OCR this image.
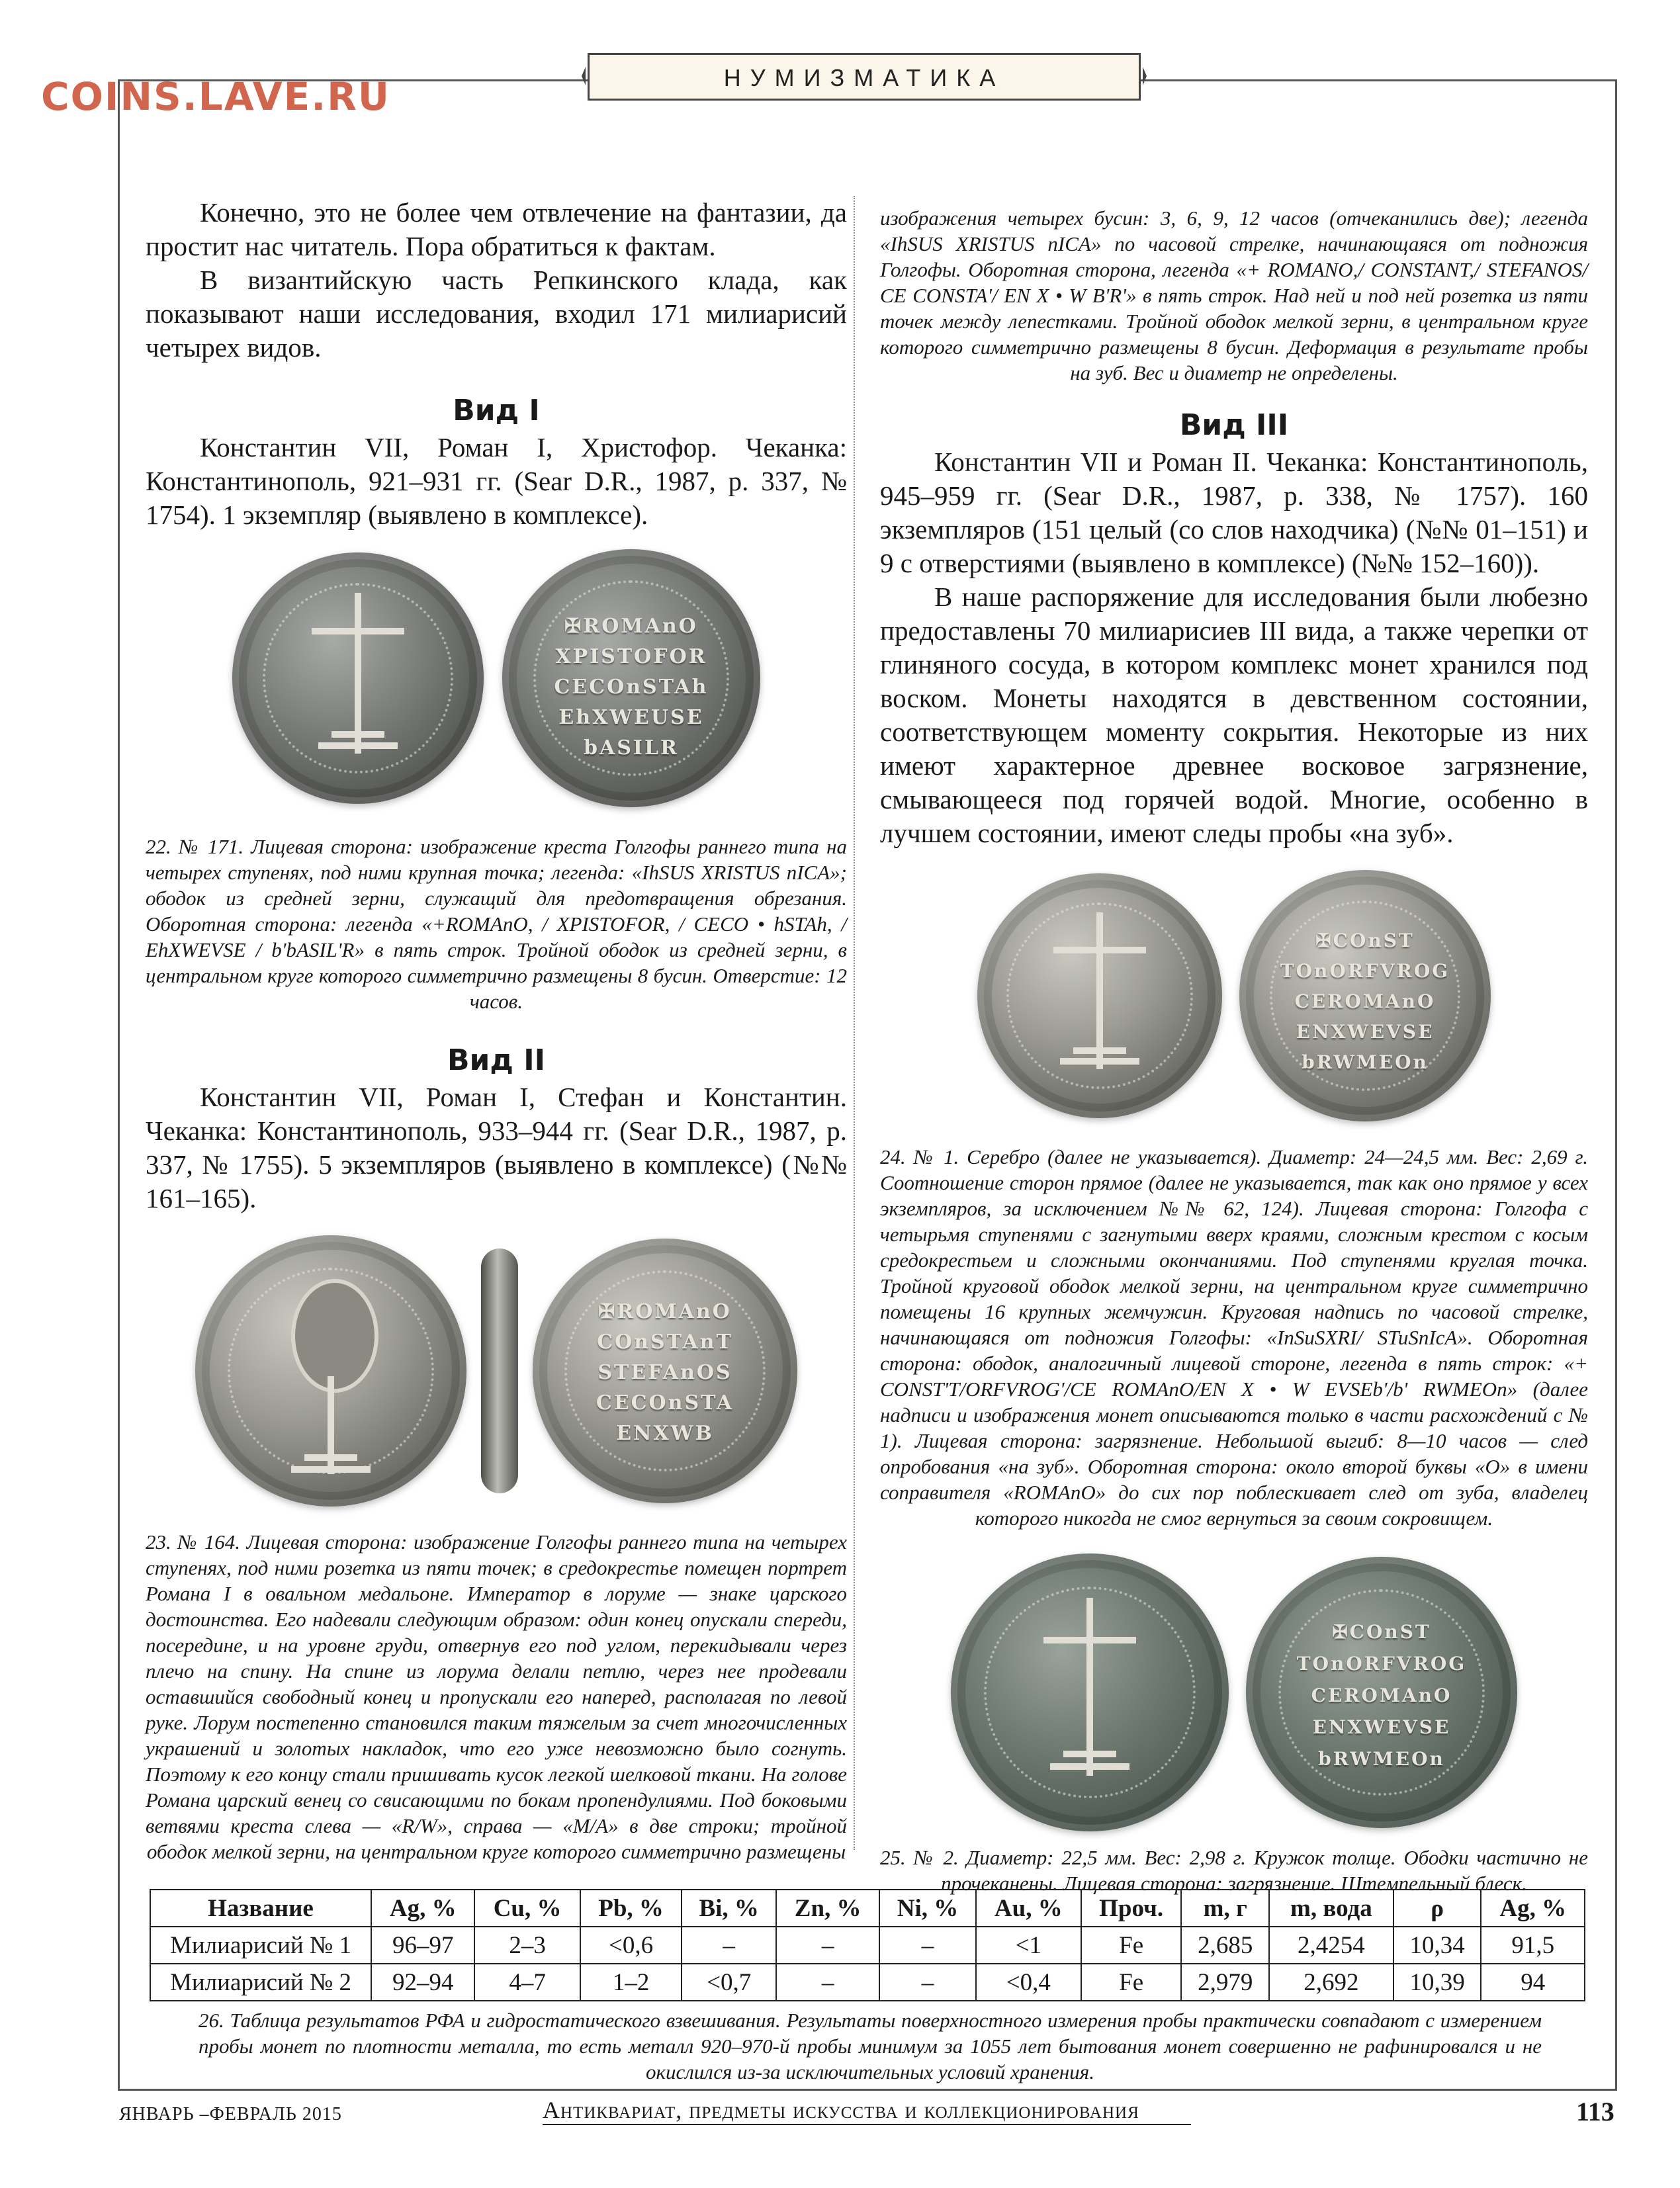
COINS.LAVE.RU	НУМИЗМАТИКА

Конечно, это не более чем отвлечение на фантазии, да простит нас читатель. Пора обратиться к фактам.

В византийскую часть Репкинского клада, как показывают наши исследования, входил 171 милиарисий четырех видов.

Вид I

Константин VII, Роман I, Христофор. Чеканка: Константинополь, 921–931 гг. (Sear D.R., 1987, p. 337, № 1754). 1 экземпляр (выявлено в комплексе).

✠ROMAnO XPISTOFOR CECOnSTAh EhXWEUSE bASILR

22. № 171. Лицевая сторона: изображение креста Голгофы раннего типа на четырех ступенях, под ними крупная точка; легенда: «IhSUS XRISTUS nICA»; ободок из средней зерни, служащий для предотвращения обрезания. Оборотная сторона: легенда «+ROMAnO, / XPISTOFOR, / CECO • hSTAh, / EhXWEVSE / b'bASIL'R» в пять строк. Тройной ободок из средней зерни, в центральном круге которого симметрично размещены 8 бусин. Отверстие: 12 часов.

Вид II

Константин VII, Роман I, Стефан и Константин. Чеканка: Константинополь, 933–944 гг. (Sear D.R., 1987, p. 337, № 1755). 5 экземпляров (выявлено в комплексе) (№№ 161–165).

✠ROMAnO COnSTAnT STEFAnOS CECOnSTA ENXWB

23. № 164. Лицевая сторона: изображение Голгофы раннего типа на четырех ступенях, под ними розетка из пяти точек; в средокрестье помещен портрет Романа I в овальном медальоне. Император в лоруме — знаке царского достоинства. Его надевали следующим образом: один конец опускали спереди, посередине, и на уровне груди, отвернув его под углом, перекидывали через плечо на спину. На спине из лорума делали петлю, через нее продевали оставшийся свободный конец и пропускали его наперед, располагая по левой руке. Лорум постепенно становился таким тяжелым за счет многочисленных украшений и золотых накладок, что его уже невозможно было согнуть. Поэтому к его концу стали пришивать кусок легкой шелковой ткани. На голове Романа царский венец со свисающими по бокам пропендулиями. Под боковыми ветвями креста слева — «R/W», справа — «M/A» в две строки; тройной ободок мелкой зерни, на центральном круге которого симметрично размещены

изображения четырех бусин: 3, 6, 9, 12 часов (отчеканились две); легенда «IhSUS XRISTUS nICA» по часовой стрелке, начинающаяся от подножия Голгофы. Оборотная сторона, легенда «+ ROMANO,/ CONSTANT,/ STEFANOS/ CE CONSTA'/ EN X • W B'R'» в пять строк. Над ней и под ней розетка из пяти точек между лепестками. Тройной ободок мелкой зерни, в центральном круге которого симметрично размещены 8 бусин. Деформация в результате пробы на зуб. Вес и диаметр не определены.

Вид III

Константин VII и Роман II. Чеканка: Константинополь, 945–959 гг. (Sear D.R., 1987, p. 338, № 1757). 160 экземпляров (151 целый (со слов находчика) (№№ 01–151) и 9 с отверстиями (выявлено в комплексе) (№№ 152–160)).

В наше распоряжение для исследования были любезно предоставлены 70 милиарисиев III вида, а также черепки от глиняного сосуда, в котором комплекс монет хранился под воском. Монеты находятся в девственном состоянии, соответствующем моменту сокрытия. Некоторые из них имеют характерное древнее восковое загрязнение, смывающееся под горячей водой. Многие, особенно в лучшем состоянии, имеют следы пробы «на зуб».

✠COnST TOnORFVROG CEROMAnO ENXWEVSE bRWMEOn

24. № 1. Серебро (далее не указывается). Диаметр: 24—24,5 мм. Вес: 2,69 г. Соотношение сторон прямое (далее не указывается, так как оно прямое у всех экземпляров, за исключением №№ 62, 124). Лицевая сторона: Голгофа с четырьмя ступенями с загнутыми вверх краями, сложным крестом с косым средокрестьем и сложными окончаниями. Под ступенями круглая точка. Тройной круговой ободок мелкой зерни, на центральном круге симметрично помещены 16 крупных жемчужин. Круговая надпись по часовой стрелке, начинающаяся от подножия Голгофы: «InSuSXRI/ STuSnIcA». Оборотная сторона: ободок, аналогичный лицевой стороне, легенда в пять строк: «+ CONST'T/ORFVROG'/CE ROMAnO/EN X • W EVSEb'/b' RWMEOn» (далее надписи и изображения монет описываются только в части расхождений с № 1). Лицевая сторона: загрязнение. Небольшой выгиб: 8—10 часов — след опробования «на зуб». Оборотная сторона: около второй буквы «O» в имени соправителя «ROMAnO» до сих пор поблескивает след от зуба, владелец которого никогда не смог вернуться за своим сокровищем.

✠COnST TOnORFVROG CEROMAnO ENXWEVSE bRWMEOn

25. № 2. Диаметр: 22,5 мм. Вес: 2,98 г. Кружок толще. Ободки частично не прочеканены. Лицевая сторона: загрязнение. Штемпельный блеск.

Название	Ag, %	Cu, %	Pb, %	Bi, %	Zn, %	Ni, %	Au, %	Проч.	m, г	m, вода	ρ	Ag, %
Милиарисий № 1	96–97	2–3	<0,6	–	–	–	<1	Fe	2,685	2,4254	10,34	91,5
Милиарисий № 2	92–94	4–7	1–2	<0,7	–	–	<0,4	Fe	2,979	2,692	10,39	94

26. Таблица результатов РФА и гидростатического взвешивания. Результаты поверхностного измерения пробы практически совпадают с измерением пробы монет по плотности металла, то есть металл 920–970-й пробы минимум за 1055 лет бытования монет совершенно не рафинировался и не окислился из-за исключительных условий хранения.

ЯНВАРЬ –ФЕВРАЛЬ 2015	Антиквариат, предметы искусства и коллекционирования	113
